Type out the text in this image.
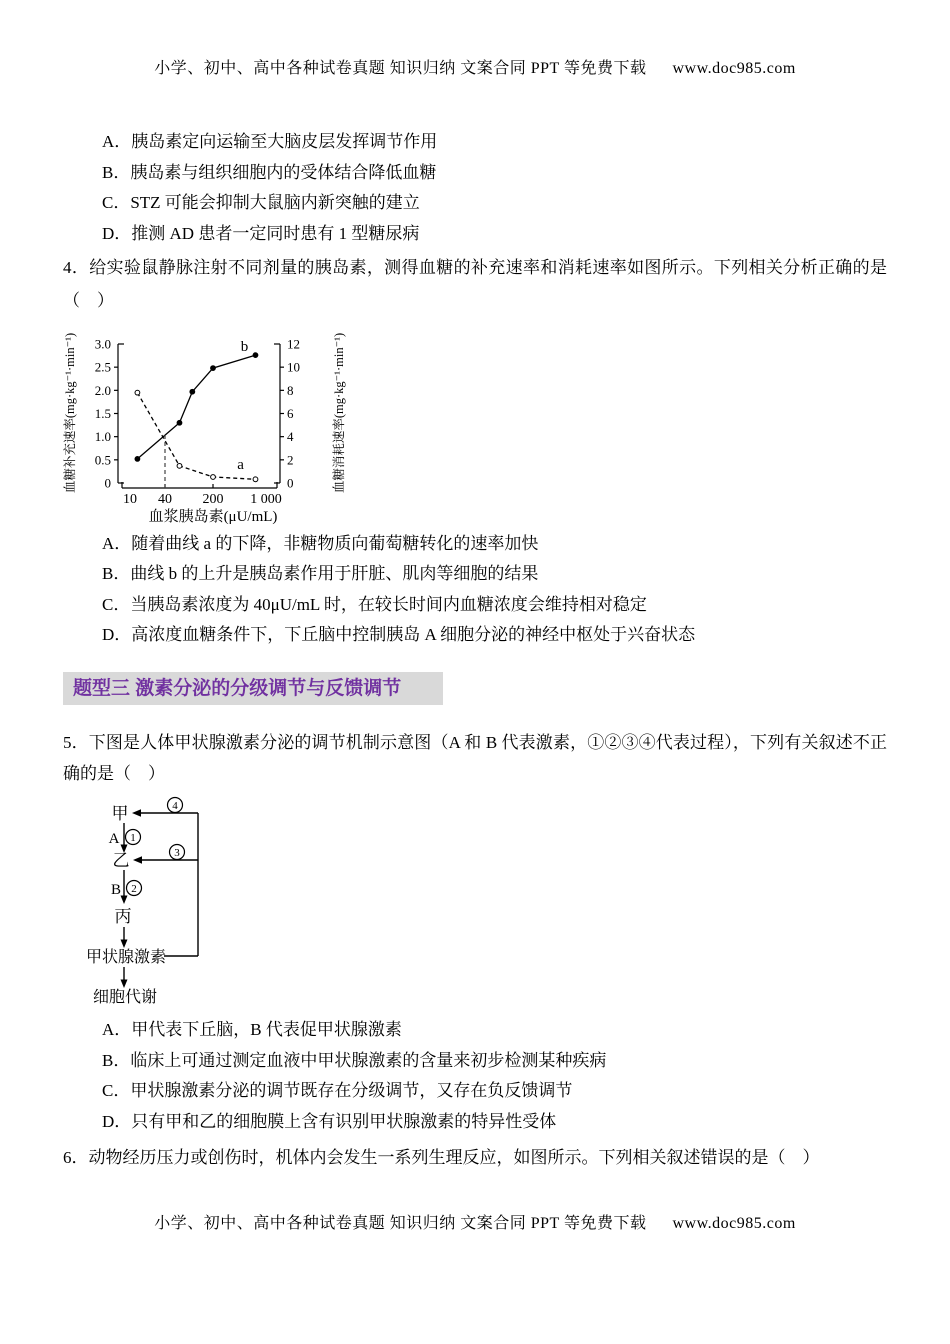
小学、初中、高中各种试卷真题 知识归纳 文案合同 PPT 等免费下载 www.doc985.com
A．胰岛素定向运输至大脑皮层发挥调节作用
B．胰岛素与组织细胞内的受体结合降低血糖
C．STZ 可能会抑制大鼠脑内新突触的建立
D．推测 AD 患者一定同时患有 1 型糖尿病
4．给实验鼠静脉注射不同剂量的胰岛素，测得血糖的补充速率和消耗速率如图所示。下列相关分析正确的是（　）
0
0.5
1.0
1.5
2.0
2.5
3.0
0
2
4
6
8
10
12
10 40 200 1 000
血浆胰岛素(μU/mL)
血糖补充速率(mg·kg⁻¹·min⁻¹)	血糖消耗速率(mg·kg⁻¹·min⁻¹)
a
b
A．随着曲线 a 的下降，非糖物质向葡萄糖转化的速率加快
B．曲线 b 的上升是胰岛素作用于肝脏、肌肉等细胞的结果
C．当胰岛素浓度为 40μU/mL 时，在较长时间内血糖浓度会维持相对稳定
D．高浓度血糖条件下，下丘脑中控制胰岛 A 细胞分泌的神经中枢处于兴奋状态
题型三 激素分泌的分级调节与反馈调节
5．下图是人体甲状腺激素分泌的调节机制示意图（A 和 B 代表激素，①②③④代表过程），下列有关叙述不正确的是（　）
甲
乙
丙
甲状腺激素
细胞代谢
A
B
1
2
3
4
A．甲代表下丘脑，B 代表促甲状腺激素
B．临床上可通过测定血液中甲状腺激素的含量来初步检测某种疾病
C．甲状腺激素分泌的调节既存在分级调节，又存在负反馈调节
D．只有甲和乙的细胞膜上含有识别甲状腺激素的特异性受体
6．动物经历压力或创伤时，机体内会发生一系列生理反应，如图所示。下列相关叙述错误的是（　）
小学、初中、高中各种试卷真题 知识归纳 文案合同 PPT 等免费下载 www.doc985.com
